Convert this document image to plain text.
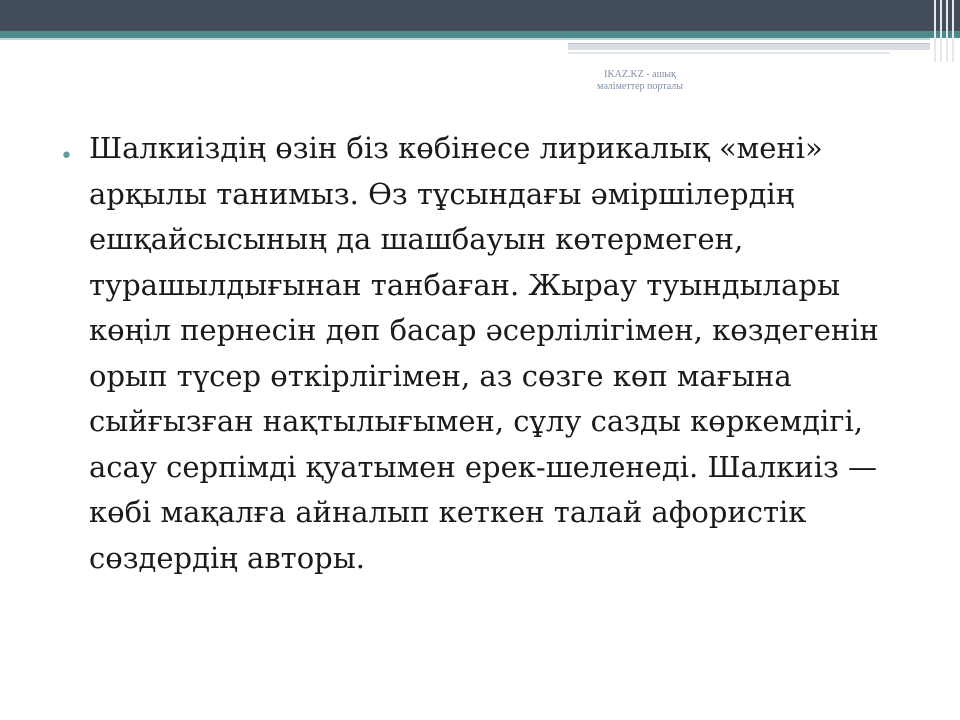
IKAZ.KZ - ашық
мәліметтер порталы
• Шалкиіздің өзін біз көбінесе лирикалық «мені» арқылы танимыз. Өз тұсындағы әміршілердің ешқайсысының да шашбауын көтермеген, турашылдығынан танбаған. Жырау туындылары көңіл пернесін дөп басар әсерлілігімен, көздегенін орып түсер өткірлігімен, аз сөзге көп мағына сыйғызған нақтылығымен, сұлу сазды көркемдігі, асау серпімді қуатымен ерек-шеленеді. Шалкиіз — көбі мақалға айналып кеткен талай афористік сөздердің авторы.
